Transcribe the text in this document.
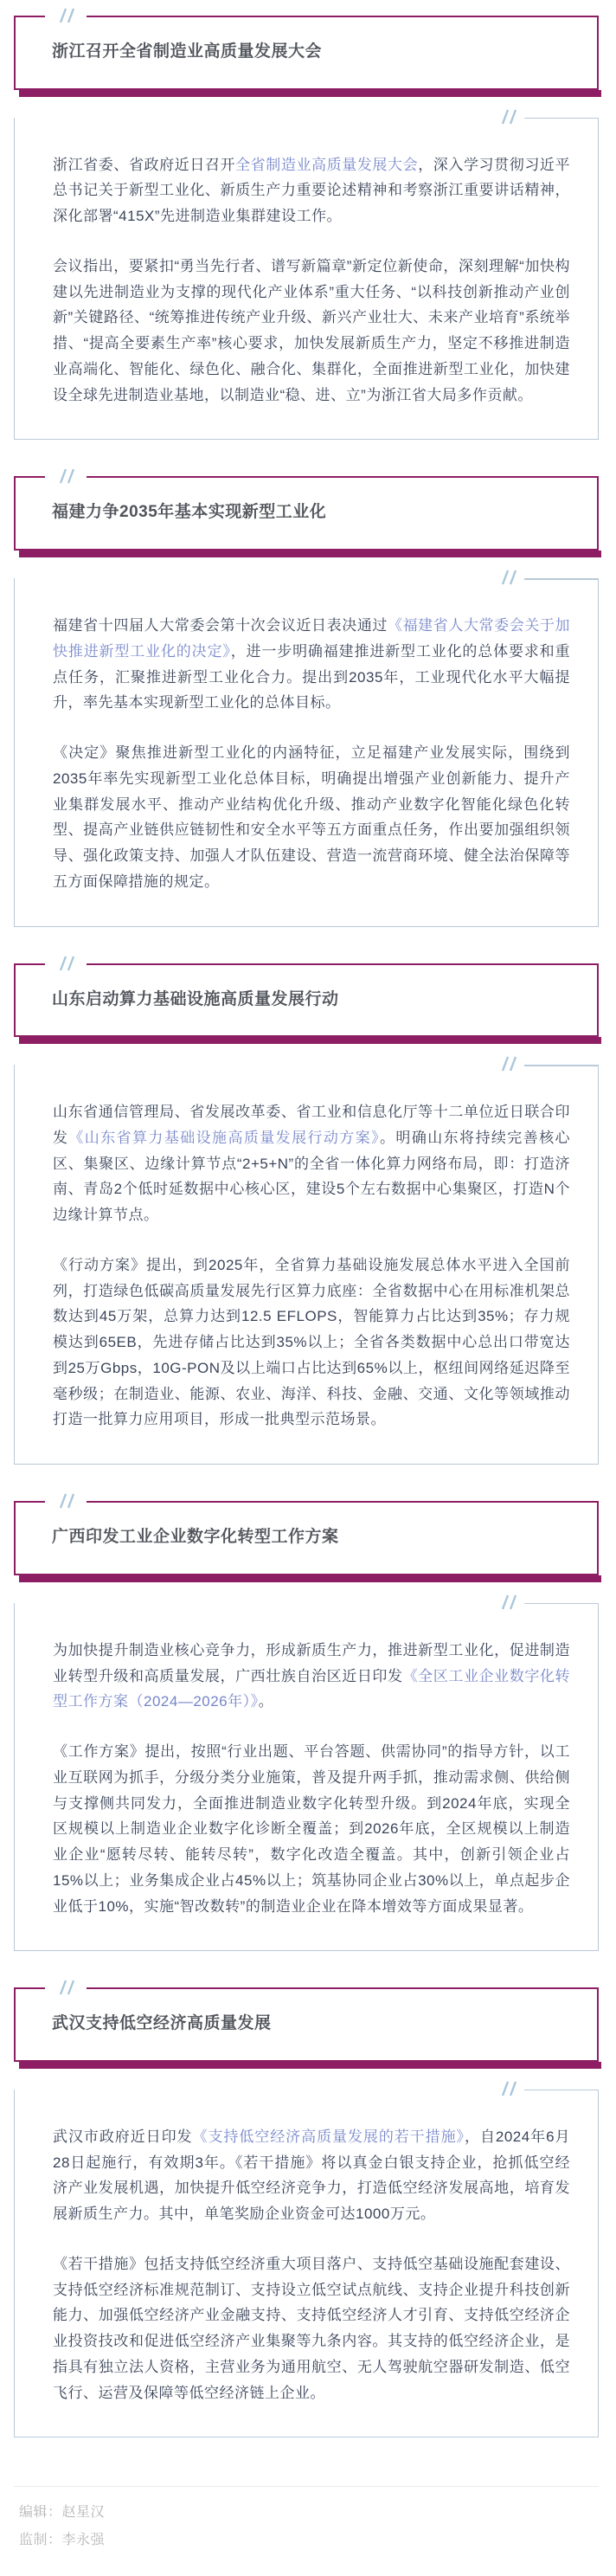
浙江召开全省制造业高质量发展大会

浙江省委、省政府近日召开全省制造业高质量发展大会，深入学习贯彻习近平总书记关于新型工业化、新质生产力重要论述精神和考察浙江重要讲话精神，深化部署“415X”先进制造业集群建设工作。

会议指出，要紧扣“勇当先行者、谱写新篇章”新定位新使命，深刻理解“加快构建以先进制造业为支撑的现代化产业体系”重大任务、“以科技创新推动产业创新”关键路径、“统筹推进传统产业升级、新兴产业壮大、未来产业培育”系统举措、“提高全要素生产率”核心要求，加快发展新质生产力，坚定不移推进制造业高端化、智能化、绿色化、融合化、集群化，全面推进新型工业化，加快建设全球先进制造业基地，以制造业“稳、进、立”为浙江省大局多作贡献。

福建力争2035年基本实现新型工业化

福建省十四届人大常委会第十次会议近日表决通过《福建省人大常委会关于加快推进新型工业化的决定》，进一步明确福建推进新型工业化的总体要求和重点任务，汇聚推进新型工业化合力。提出到2035年，工业现代化水平大幅提升，率先基本实现新型工业化的总体目标。

《决定》聚焦推进新型工业化的内涵特征，立足福建产业发展实际，围绕到2035年率先实现新型工业化总体目标，明确提出增强产业创新能力、提升产业集群发展水平、推动产业结构优化升级、推动产业数字化智能化绿色化转型、提高产业链供应链韧性和安全水平等五方面重点任务，作出要加强组织领导、强化政策支持、加强人才队伍建设、营造一流营商环境、健全法治保障等五方面保障措施的规定。

山东启动算力基础设施高质量发展行动

山东省通信管理局、省发展改革委、省工业和信息化厅等十二单位近日联合印发《山东省算力基础设施高质量发展行动方案》。明确山东将持续完善核心区、集聚区、边缘计算节点“2+5+N”的全省一体化算力网络布局，即：打造济南、青岛2个低时延数据中心核心区，建设5个左右数据中心集聚区，打造N个边缘计算节点。

《行动方案》提出，到2025年，全省算力基础设施发展总体水平进入全国前列，打造绿色低碳高质量发展先行区算力底座：全省数据中心在用标准机架总数达到45万架，总算力达到12.5 EFLOPS，智能算力占比达到35%；存力规模达到65EB，先进存储占比达到35%以上；全省各类数据中心总出口带宽达到25万Gbps，10G-PON及以上端口占比达到65%以上，枢纽间网络延迟降至毫秒级；在制造业、能源、农业、海洋、科技、金融、交通、文化等领域推动打造一批算力应用项目，形成一批典型示范场景。

广西印发工业企业数字化转型工作方案

为加快提升制造业核心竞争力，形成新质生产力，推进新型工业化，促进制造业转型升级和高质量发展，广西壮族自治区近日印发《全区工业企业数字化转型工作方案（2024—2026年）》。

《工作方案》提出，按照“行业出题、平台答题、供需协同”的指导方针，以工业互联网为抓手，分级分类分业施策，普及提升两手抓，推动需求侧、供给侧与支撑侧共同发力，全面推进制造业数字化转型升级。到2024年底，实现全区规模以上制造业企业数字化诊断全覆盖；到2026年底，全区规模以上制造业企业“愿转尽转、能转尽转”，数字化改造全覆盖。其中，创新引领企业占15%以上；业务集成企业占45%以上；筑基协同企业占30%以上，单点起步企业低于10%，实施“智改数转”的制造业企业在降本增效等方面成果显著。

武汉支持低空经济高质量发展

武汉市政府近日印发《支持低空经济高质量发展的若干措施》，自2024年6月28日起施行，有效期3年。《若干措施》将以真金白银支持企业，抢抓低空经济产业发展机遇，加快提升低空经济竞争力，打造低空经济发展高地，培育发展新质生产力。其中，单笔奖励企业资金可达1000万元。

《若干措施》包括支持低空经济重大项目落户、支持低空基础设施配套建设、支持低空经济标准规范制订、支持设立低空试点航线、支持企业提升科技创新能力、加强低空经济产业金融支持、支持低空经济人才引育、支持低空经济企业投资技改和促进低空经济产业集聚等九条内容。其支持的低空经济企业，是指具有独立法人资格，主营业务为通用航空、无人驾驶航空器研发制造、低空飞行、运营及保障等低空经济链上企业。

编辑：赵星汉

监制：李永强
